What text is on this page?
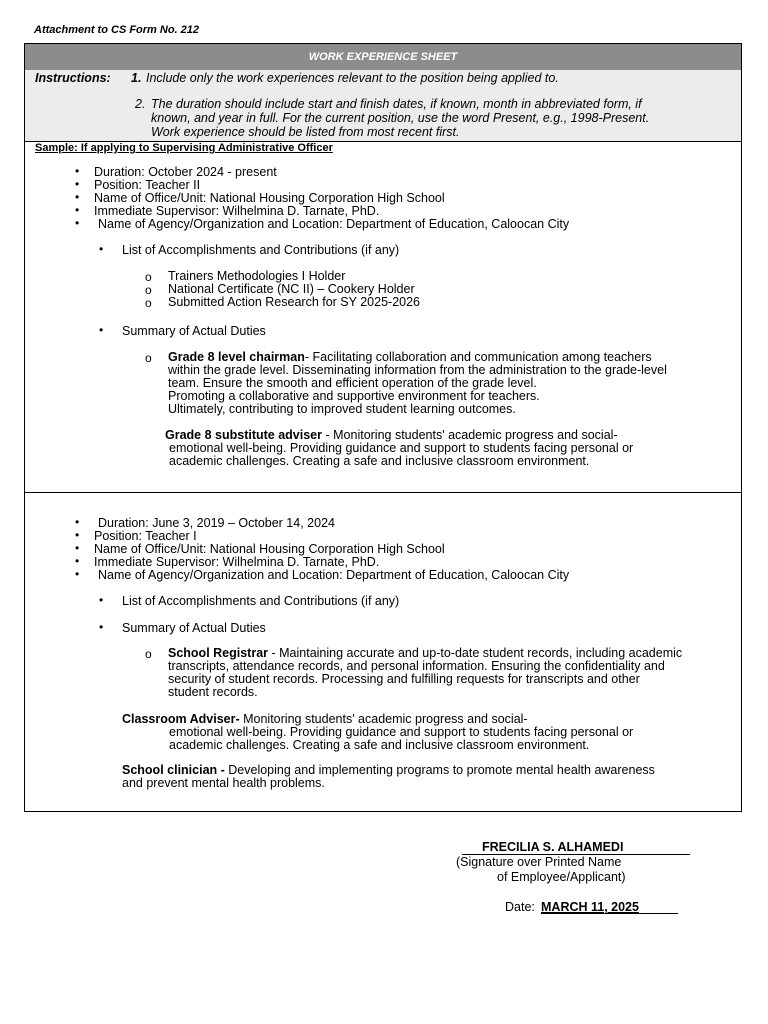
Attachment to CS Form No. 212
WORK EXPERIENCE SHEET
Instructions: 1. Include only the work experiences relevant to the position being applied to.
2. The duration should include start and finish dates, if known, month in abbreviated form, if
known, and year in full. For the current position, use the word Present, e.g., 1998-Present.
Work experience should be listed from most recent first.
Sample: If applying to Supervising Administrative Officer
• Duration: October 2024 - present
• Position: Teacher II
• Name of Office/Unit: National Housing Corporation High School
• Immediate Supervisor: Wilhelmina D. Tarnate, PhD.
• Name of Agency/Organization and Location: Department of Education, Caloocan City
• List of Accomplishments and Contributions (if any)
o Trainers Methodologies I Holder
o National Certificate (NC II) – Cookery Holder
o Submitted Action Research for SY 2025-2026
• Summary of Actual Duties
o Grade 8 level chairman- Facilitating collaboration and communication among teachers
within the grade level. Disseminating information from the administration to the grade-level
team. Ensure the smooth and efficient operation of the grade level.
Promoting a collaborative and supportive environment for teachers.
Ultimately, contributing to improved student learning outcomes.
Grade 8 substitute adviser - Monitoring students' academic progress and social-
emotional well-being. Providing guidance and support to students facing personal or
academic challenges. Creating a safe and inclusive classroom environment.
• Duration: June 3, 2019 – October 14, 2024
• Position: Teacher I
• Name of Office/Unit: National Housing Corporation High School
• Immediate Supervisor: Wilhelmina D. Tarnate, PhD.
• Name of Agency/Organization and Location: Department of Education, Caloocan City
• List of Accomplishments and Contributions (if any)
• Summary of Actual Duties
o School Registrar - Maintaining accurate and up-to-date student records, including academic
transcripts, attendance records, and personal information. Ensuring the confidentiality and
security of student records. Processing and fulfilling requests for transcripts and other
student records.
Classroom Adviser- Monitoring students' academic progress and social-
emotional well-being. Providing guidance and support to students facing personal or
academic challenges. Creating a safe and inclusive classroom environment.
School clinician - Developing and implementing programs to promote mental health awareness
and prevent mental health problems.
FRECILIA S. ALHAMEDI
(Signature over Printed Name
of Employee/Applicant)
Date: MARCH 11, 2025
